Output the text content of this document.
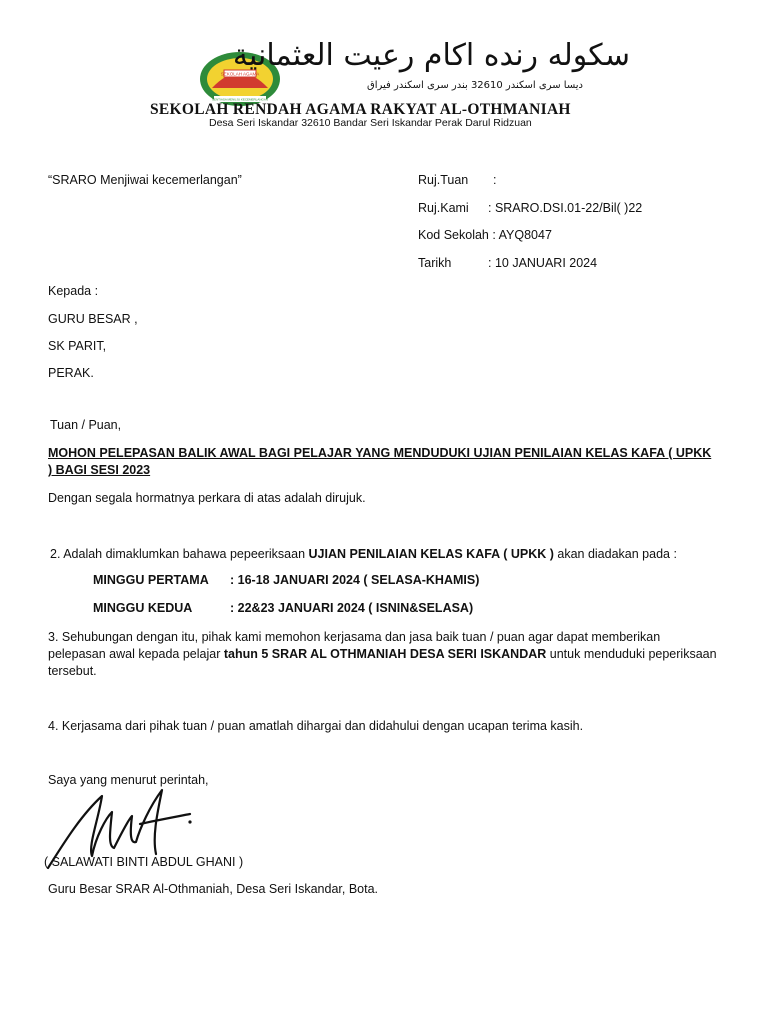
SEKOLAH AGAMA
SENTIASA MENUJU KECEMERLANGAN
سکوله رنده اکام رعيت العثمانية
دیسا سری اسکندر 32610 بندر سری اسکندر فيراق
SEKOLAH RENDAH AGAMA RAKYAT AL-OTHMANIAH
Desa Seri Iskandar 32610 Bandar Seri Iskandar Perak Darul Ridzuan
“SRARO Menjiwai kecemerlangan”	Ruj.Tuan :
Ruj.Kami : SRARO.DSI.01-22/Bil( )22
Kod Sekolah : AYQ8047
Tarikh	: 10 JANUARI 2024
Kepada :
GURU BESAR ,
SK PARIT,
PERAK.
Tuan / Puan,
MOHON PELEPASAN BALIK AWAL BAGI PELAJAR YANG MENDUDUKI UJIAN PENILAIAN KELAS KAFA ( UPKK ) BAGI SESI 2023
Dengan segala hormatnya perkara di atas adalah dirujuk.
2. Adalah dimaklumkan bahawa pepeeriksaan UJIAN PENILAIAN KELAS KAFA ( UPKK ) akan diadakan pada :
MINGGU PERTAMA : 16-18 JANUARI 2024 ( SELASA-KHAMIS)
MINGGU KEDUA	: 22&23 JANUARI 2024 ( ISNIN&SELASA)
3. Sehubungan dengan itu, pihak kami memohon kerjasama dan jasa baik tuan / puan agar dapat memberikan pelepasan awal kepada pelajar tahun 5 SRAR AL OTHMANIAH DESA SERI ISKANDAR untuk menduduki peperiksaan tersebut.
4. Kerjasama dari pihak tuan / puan amatlah dihargai dan didahului dengan ucapan terima kasih.
Saya yang menurut perintah,
( SALAWATI BINTI ABDUL GHANI )
Guru Besar SRAR Al-Othmaniah, Desa Seri Iskandar, Bota.
